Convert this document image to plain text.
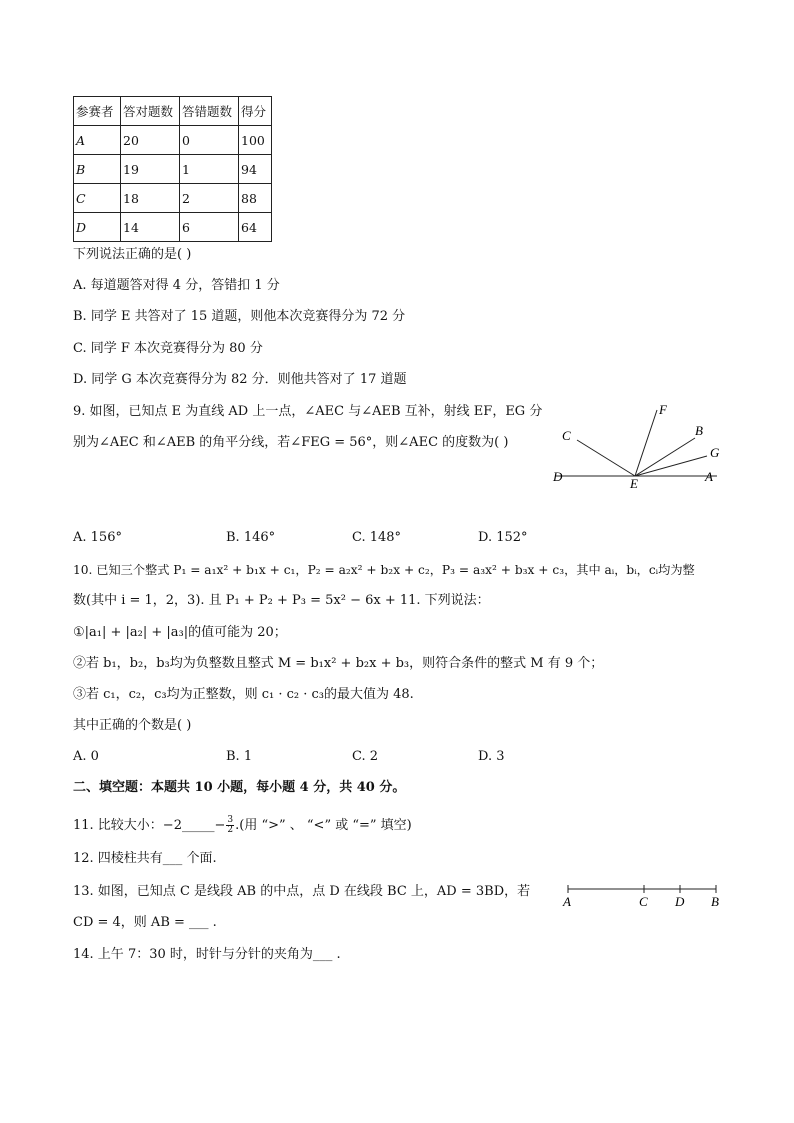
参赛者	答对题数	答错题数	得分
A	20	0	100
B	19	1	94
C	18	2	88
D	14	6	64
下列说法正确的是( )
A. 每道题答对得 4 分，答错扣 1 分
B. 同学 E 共答对了 15 道题，则他本次竞赛得分为 72 分
C. 同学 F 本次竞赛得分为 80 分
D. 同学 G 本次竞赛得分为 82 分．则他共答对了 17 道题
9. 如图，已知点 E 为直线 AD 上一点，∠AEC 与∠AEB 互补，射线 EF，EG 分
别为∠AEC 和∠AEB 的角平分线，若∠FEG = 56°，则∠AEC 的度数为( )
F
C	B
G
D	E	A
A. 156°	B. 146°	C. 148°	D. 152°
10. 已知三个整式 P₁ = a₁x² + b₁x + c₁，P₂ = a₂x² + b₂x + c₂，P₃ = a₃x² + b₃x + c₃，其中 aᵢ，bᵢ，cᵢ均为整
数(其中 i = 1，2，3). 且 P₁ + P₂ + P₃ = 5x² − 6x + 11. 下列说法：
①|a₁| + |a₂| + |a₃|的值可能为 20；
②若 b₁，b₂，b₃均为负整数且整式 M = b₁x² + b₂x + b₃，则符合条件的整式 M 有 9 个；
③若 c₁，c₂，c₃均为正整数，则 c₁ · c₂ · c₃的最大值为 48.
其中正确的个数是( )
A. 0	B. 1	C. 2	D. 3
二、填空题：本题共 10 小题，每小题 4 分，共 40 分。
11. 比较大小：−2_____− $\frac{3}{2}$ .(用 “>” 、 “<” 或 “=” 填空)
12. 四棱柱共有___ 个面.
13. 如图，已知点 C 是线段 AB 的中点，点 D 在线段 BC 上，AD = 3BD，若
CD = 4，则 AB = ___ .
A	C D B
14. 上午 7：30 时，时针与分针的夹角为___ .
